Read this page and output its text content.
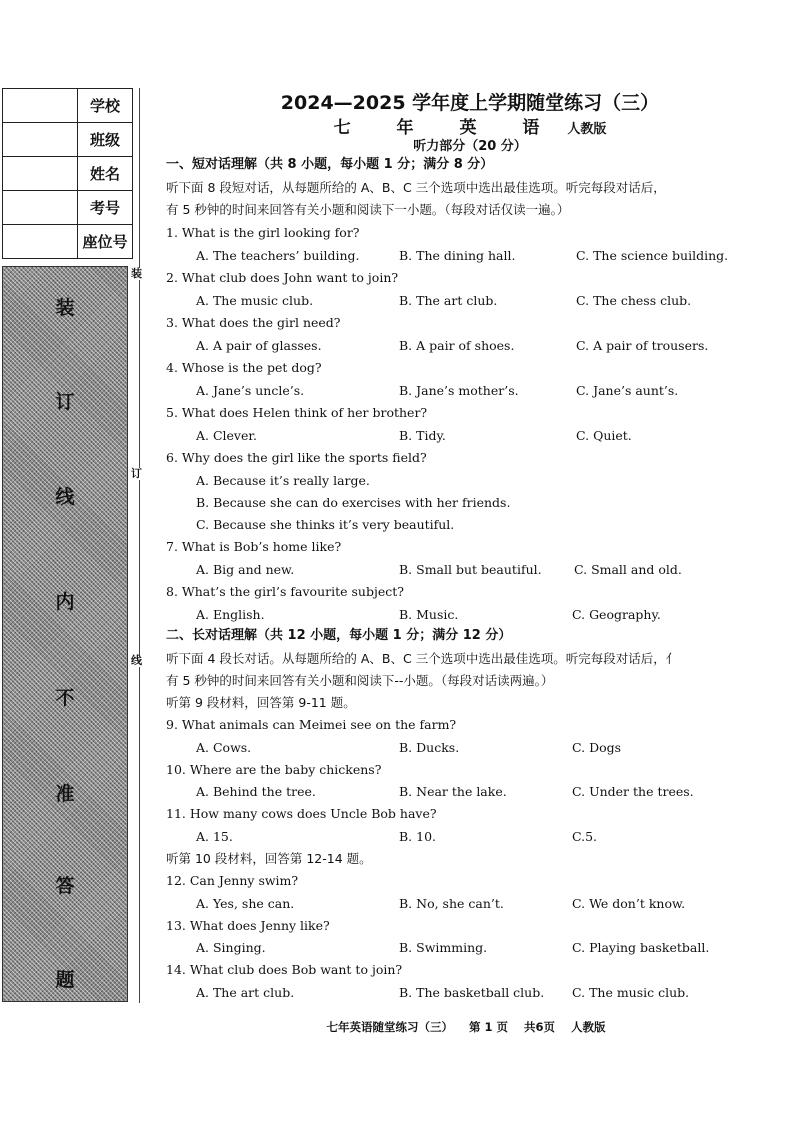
	学校
	班级
	姓名
	考号
	座位号
装
订
线
内
不
准
答
题
装
订
线
2024—2025 学年度上学期随堂练习（三）
七 年 英 语 人教版
听力部分（20 分）
一、短对话理解（共 8 小题，每小题 1 分；满分 8 分）
听下面 8 段短对话，从每题所给的 A、B、C 三个选项中选出最佳选项。听完每段对话后，
有 5 秒钟的时间来回答有关小题和阅读下一小题。（每段对话仅读一遍。）
1. What is the girl looking for?
A. The teachers’ building.	B. The dining hall.	C. The science building.
2. What club does John want to join?
A. The music club.	B. The art club.	C. The chess club.
3. What does the girl need?
A. A pair of glasses.	B. A pair of shoes.	C. A pair of trousers.
4. Whose is the pet dog?
A. Jane’s uncle’s.	B. Jane’s mother’s.	C. Jane’s aunt’s.
5. What does Helen think of her brother?
A. Clever.	B. Tidy.	C. Quiet.
6. Why does the girl like the sports field?
A. Because it’s really large.
B. Because she can do exercises with her friends.
C. Because she thinks it’s very beautiful.
7. What is Bob’s home like?
A. Big and new.	B. Small but beautiful.	C. Small and old.
8. What’s the girl’s favourite subject?
A. English.	B. Music.	C. Geography.
二、长对话理解（共 12 小题，每小题 1 分；满分 12 分）
听下面 4 段长对话。从每题所给的 A、B、C 三个选项中选出最佳选项。听完每段对话后，亻
有 5 秒钟的时间来回答有关小题和阅读下--小题。（每段对话读两遍。）
听第 9 段材料，回答第 9-11 题。
9. What animals can Meimei see on the farm?
A. Cows.	B. Ducks.	C. Dogs
10. Where are the baby chickens?
A. Behind the tree.	B. Near the lake.	C. Under the trees.
11. How many cows does Uncle Bob have?
A. 15.	B. 10.	C.5.
听第 10 段材料，回答第 12-14 题。
12. Can Jenny swim?
A. Yes, she can.	B. No, she can’t.	C. We don’t know.
13. What does Jenny like?
A. Singing.	B. Swimming.	C. Playing basketball.
14. What club does Bob want to join?
A. The art club.	B. The basketball club. C. The music club.
七年英语随堂练习（三） 第 1 页 共6页 人教版
